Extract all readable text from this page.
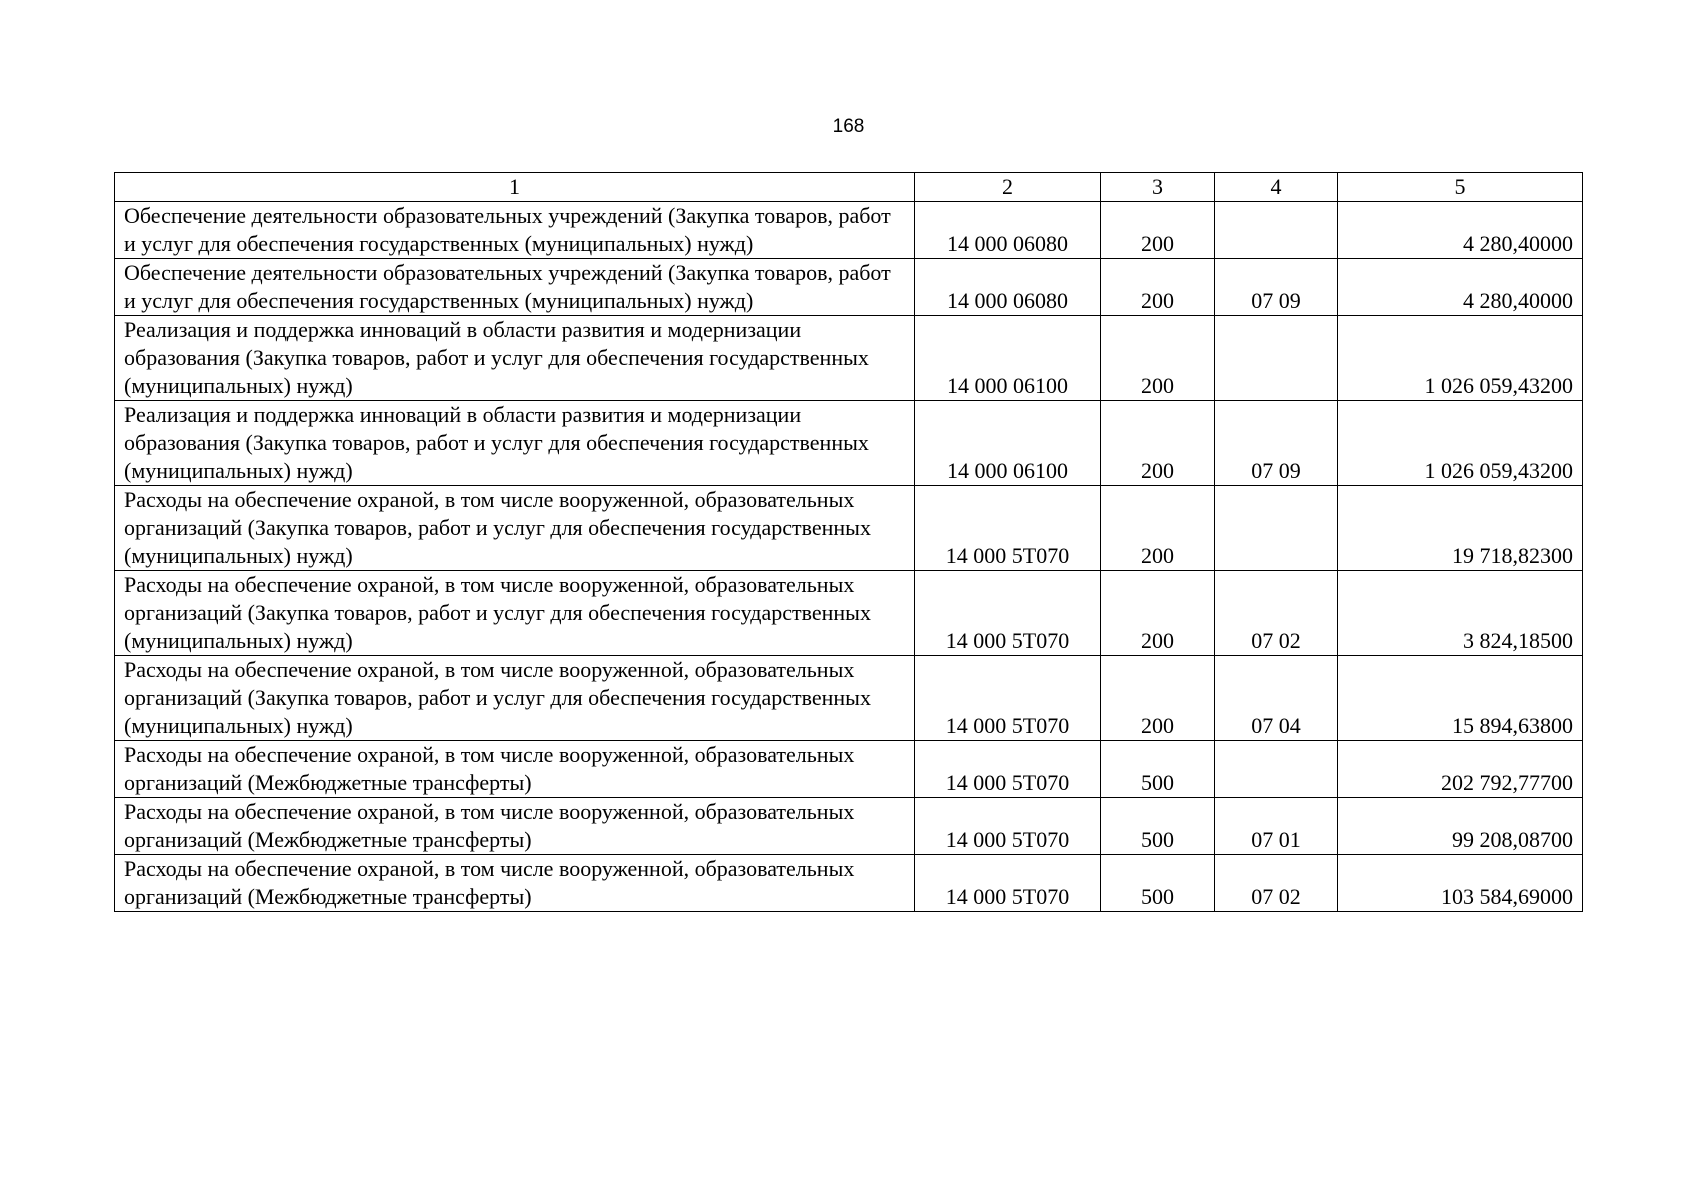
168
1	2	3	4	5
Обеспечение деятельности образовательных учреждений (Закупка товаров, работ и услуг для обеспечения государственных (муниципальных) нужд)	14 000 06080	200		4 280,40000
Обеспечение деятельности образовательных учреждений (Закупка товаров, работ и услуг для обеспечения государственных (муниципальных) нужд)	14 000 06080	200	07 09	4 280,40000
Реализация и поддержка инноваций в области развития и модернизации образования (Закупка товаров, работ и услуг для обеспечения государственных (муниципальных) нужд)	14 000 06100	200		1 026 059,43200
Реализация и поддержка инноваций в области развития и модернизации образования (Закупка товаров, работ и услуг для обеспечения государственных (муниципальных) нужд)	14 000 06100	200	07 09	1 026 059,43200
Расходы на обеспечение охраной, в том числе вооруженной, образовательных организаций (Закупка товаров, работ и услуг для обеспечения государственных (муниципальных) нужд)	14 000 5Т070	200		19 718,82300
Расходы на обеспечение охраной, в том числе вооруженной, образовательных организаций (Закупка товаров, работ и услуг для обеспечения государственных (муниципальных) нужд)	14 000 5Т070	200	07 02	3 824,18500
Расходы на обеспечение охраной, в том числе вооруженной, образовательных организаций (Закупка товаров, работ и услуг для обеспечения государственных (муниципальных) нужд)	14 000 5Т070	200	07 04	15 894,63800
Расходы на обеспечение охраной, в том числе вооруженной, образовательных организаций (Межбюджетные трансферты)	14 000 5Т070	500		202 792,77700
Расходы на обеспечение охраной, в том числе вооруженной, образовательных организаций (Межбюджетные трансферты)	14 000 5Т070	500	07 01	99 208,08700
Расходы на обеспечение охраной, в том числе вооруженной, образовательных организаций (Межбюджетные трансферты)	14 000 5Т070	500	07 02	103 584,69000
